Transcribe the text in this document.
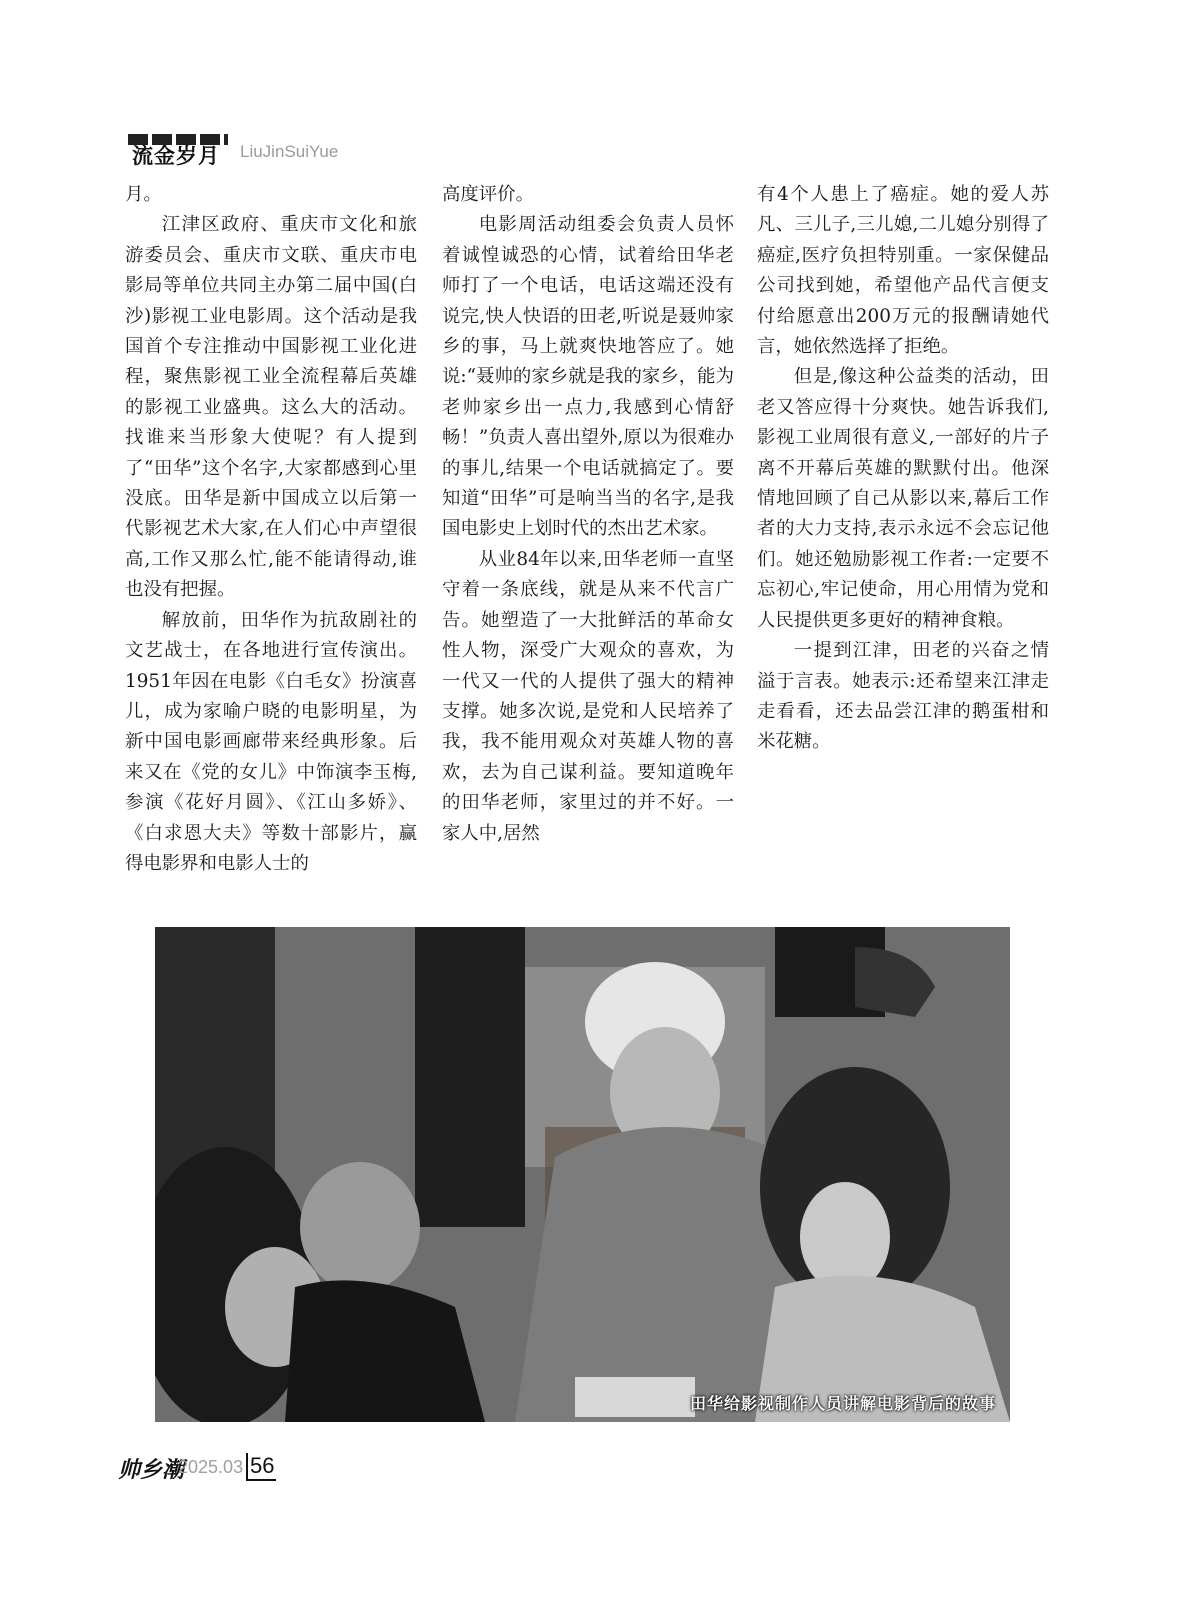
流金岁月 LiuJinSuiYue

月。

江津区政府、重庆市文化和旅游委员会、重庆市文联、重庆市电影局等单位共同主办第二届中国(白沙)影视工业电影周。这个活动是我国首个专注推动中国影视工业化进程，聚焦影视工业全流程幕后英雄的影视工业盛典。这么大的活动。找谁来当形象大使呢？有人提到了“田华”这个名字,大家都感到心里没底。田华是新中国成立以后第一代影视艺术大家,在人们心中声望很高,工作又那么忙,能不能请得动,谁也没有把握。

解放前，田华作为抗敌剧社的文艺战士，在各地进行宣传演出。1951年因在电影《白毛女》扮演喜儿，成为家喻户晓的电影明星，为新中国电影画廊带来经典形象。后来又在《党的女儿》中饰演李玉梅,参演《花好月圆》、《江山多娇》、《白求恩大夫》等数十部影片，赢得电影界和电影人士的

高度评价。

电影周活动组委会负责人员怀着诚惶诚恐的心情，试着给田华老师打了一个电话，电话这端还没有说完,快人快语的田老,听说是聂帅家乡的事，马上就爽快地答应了。她说:“聂帅的家乡就是我的家乡，能为老帅家乡出一点力,我感到心情舒畅！”负责人喜出望外,原以为很难办的事儿,结果一个电话就搞定了。要知道“田华”可是响当当的名字,是我国电影史上划时代的杰出艺术家。

从业84年以来,田华老师一直坚守着一条底线，就是从来不代言广告。她塑造了一大批鲜活的革命女性人物，深受广大观众的喜欢，为一代又一代的人提供了强大的精神支撑。她多次说,是党和人民培养了我，我不能用观众对英雄人物的喜欢，去为自己谋利益。要知道晚年的田华老师，家里过的并不好。一家人中,居然

有4个人患上了癌症。她的爱人苏凡、三儿子,三儿媳,二儿媳分别得了癌症,医疗负担特别重。一家保健品公司找到她，希望他产品代言便支付给愿意出200万元的报酬请她代言，她依然选择了拒绝。

但是,像这种公益类的活动，田老又答应得十分爽快。她告诉我们,影视工业周很有意义,一部好的片子离不开幕后英雄的默默付出。他深情地回顾了自己从影以来,幕后工作者的大力支持,表示永远不会忘记他们。她还勉励影视工作者:一定要不忘初心,牢记使命，用心用情为党和人民提供更多更好的精神食粮。

一提到江津，田老的兴奋之情溢于言表。她表示:还希望来江津走走看看，还去品尝江津的鹅蛋柑和米花糖。

田华给影视制作人员讲解电影背后的故事
帅乡潮
2025.03 56
